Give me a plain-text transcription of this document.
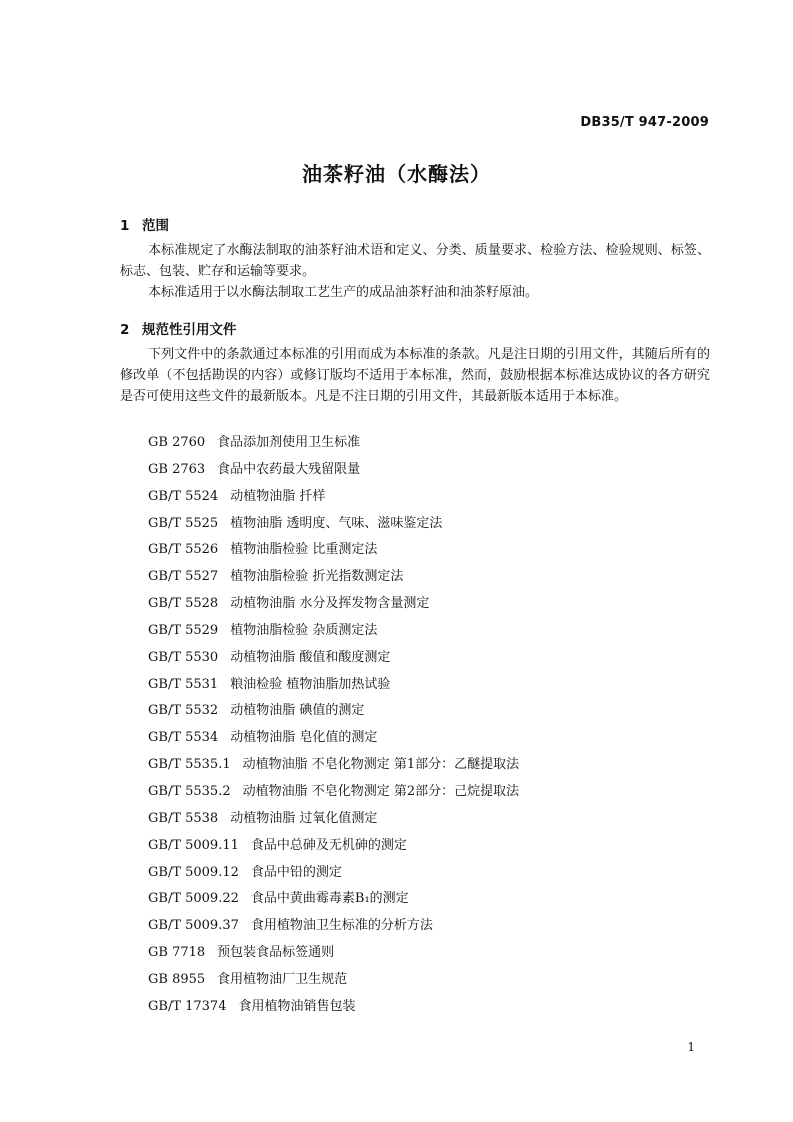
DB35/T 947-2009
油茶籽油（水酶法）
1 范围
本标准规定了水酶法制取的油茶籽油术语和定义、分类、质量要求、检验方法、检验规则、标签、标志、包装、贮存和运输等要求。
本标准适用于以水酶法制取工艺生产的成品油茶籽油和油茶籽原油。
2 规范性引用文件
下列文件中的条款通过本标准的引用而成为本标准的条款。凡是注日期的引用文件，其随后所有的修改单（不包括勘误的内容）或修订版均不适用于本标准，然而，鼓励根据本标准达成协议的各方研究是否可使用这些文件的最新版本。凡是不注日期的引用文件，其最新版本适用于本标准。
GB 2760 食品添加剂使用卫生标准
GB 2763 食品中农药最大残留限量
GB/T 5524 动植物油脂 扦样
GB/T 5525 植物油脂 透明度、气味、滋味鉴定法
GB/T 5526 植物油脂检验 比重测定法
GB/T 5527 植物油脂检验 折光指数测定法
GB/T 5528 动植物油脂 水分及挥发物含量测定
GB/T 5529 植物油脂检验 杂质测定法
GB/T 5530 动植物油脂 酸值和酸度测定
GB/T 5531 粮油检验 植物油脂加热试验
GB/T 5532 动植物油脂 碘值的测定
GB/T 5534 动植物油脂 皂化值的测定
GB/T 5535.1 动植物油脂 不皂化物测定 第1部分：乙醚提取法
GB/T 5535.2 动植物油脂 不皂化物测定 第2部分：己烷提取法
GB/T 5538 动植物油脂 过氧化值测定
GB/T 5009.11 食品中总砷及无机砷的测定
GB/T 5009.12 食品中铅的测定
GB/T 5009.22 食品中黄曲霉毒素B₁的测定
GB/T 5009.37 食用植物油卫生标准的分析方法
GB 7718 预包装食品标签通则
GB 8955 食用植物油厂卫生规范
GB/T 17374 食用植物油销售包装
1
